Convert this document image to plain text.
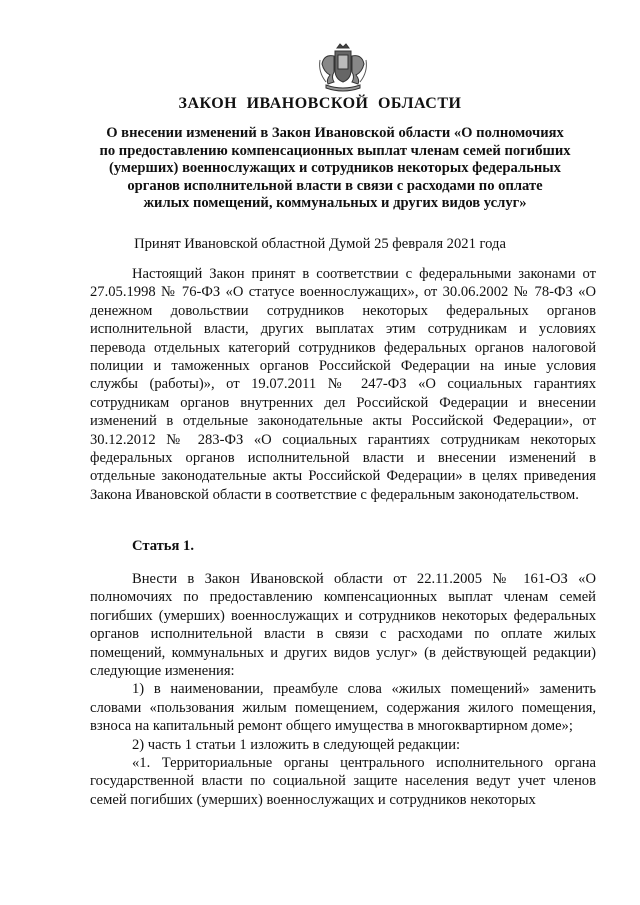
ЗАКОН ИВАНОВСКОЙ ОБЛАСТИ
О внесении изменений в Закон Ивановской области «О полномочиях
по предоставлению компенсационных выплат членам семей погибших
(умерших) военнослужащих и сотрудников некоторых федеральных
органов исполнительной власти в связи с расходами по оплате
жилых помещений, коммунальных и других видов услуг»
Принят Ивановской областной Думой 25 февраля 2021 года

Настоящий Закон принят в соответствии с федеральными законами от 27.05.1998 № 76-ФЗ «О статусе военнослужащих», от 30.06.2002 № 78-ФЗ «О денежном довольствии сотрудников некоторых федеральных органов исполнительной власти, других выплатах этим сотрудникам и условиях перевода отдельных категорий сотрудников федеральных органов налоговой полиции и таможенных органов Российской Федерации на иные условия службы (работы)», от 19.07.2011 № 247-ФЗ «О социальных гарантиях сотрудникам органов внутренних дел Российской Федерации и внесении изменений в отдельные законодательные акты Российской Федерации», от 30.12.2012 № 283-ФЗ «О социальных гарантиях сотрудникам некоторых федеральных органов исполнительной власти и внесении изменений в отдельные законодательные акты Российской Федерации» в целях приведения Закона Ивановской области в соответствие с федеральным законодательством.

Статья 1.

Внести в Закон Ивановской области от 22.11.2005 № 161-ОЗ «О полномочиях по предоставлению компенсационных выплат членам семей погибших (умерших) военнослужащих и сотрудников некоторых федеральных органов исполнительной власти в связи с расходами по оплате жилых помещений, коммунальных и других видов услуг» (в действующей редакции) следующие изменения:

1) в наименовании, преамбуле слова «жилых помещений» заменить словами «пользования жилым помещением, содержания жилого помещения, взноса на капитальный ремонт общего имущества в многоквартирном доме»;

2) часть 1 статьи 1 изложить в следующей редакции:

«1. Территориальные органы центрального исполнительного органа государственной власти по социальной защите населения ведут учет членов семей погибших (умерших) военнослужащих и сотрудников некоторых
